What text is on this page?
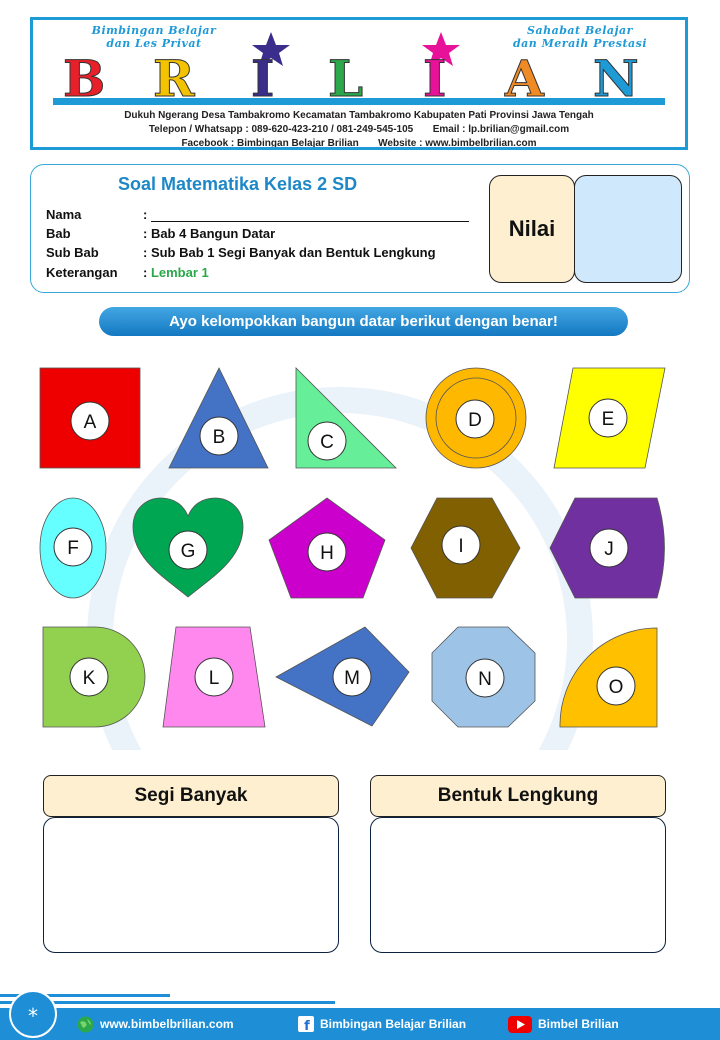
Bimbingan Belajar
dan Les Privat
Sahabat Belajar
dan Meraih Prestasi
B R I L I A N
Dukuh Ngerang Desa Tambakromo Kecamatan Tambakromo Kabupaten Pati Provinsi Jawa Tengah
Telepon / Whatsapp : 089-620-423-210 / 081-249-545-105       Email : lp.brilian@gmail.com
Facebook : Bimbingan Belajar Brilian       Website : www.bimbelbrilian.com
Soal Matematika Kelas 2 SD
Nama	:
Bab	: Bab 4 Bangun Datar
Sub Bab	: Sub Bab 1 Segi Banyak dan Bentuk Lengkung
Keterangan	: Lembar 1
Nilai
Ayo kelompokkan bangun datar berikut dengan benar!
A
B	C
D	E
F	G	H	I	J
K	L	M	N	O
Segi Banyak	Bentuk Lengkung
*	www.bimbelbrilian.com	f Bimbingan Belajar Brilian	Bimbel Brilian
